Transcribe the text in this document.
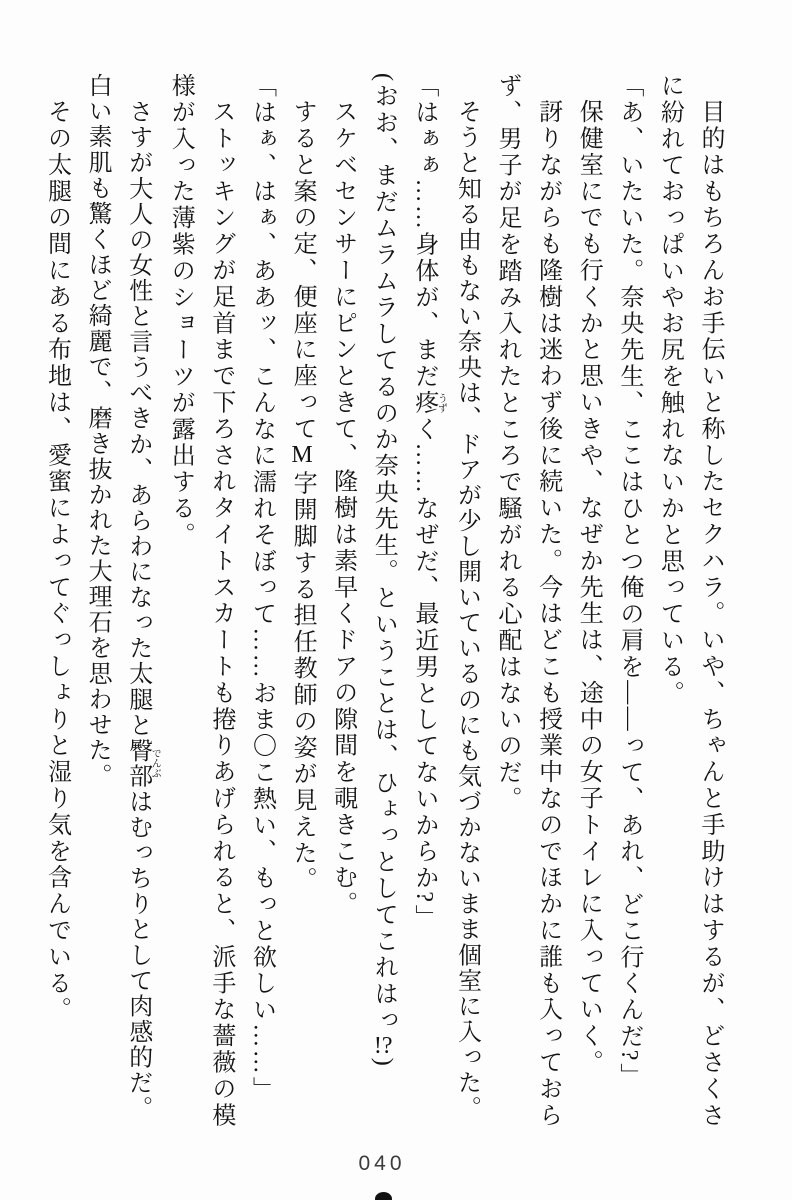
目的はもちろんお手伝いと称したセクハラ。いや、ちゃんと手助けはするが、どさくさに紛れておっぱいやお尻を触れないかと思っている。

「あ、いたいた。奈央先生、ここはひとつ俺の肩を――って、あれ、どこ行くんだ?」

保健室にでも行くかと思いきや、なぜか先生は、途中の女子トイレに入っていく。

訝りながらも隆樹は迷わず後に続いた。今はどこも授業中なのでほかに誰も入っておらず、男子が足を踏み入れたところで騒がれる心配はないのだ。

そうと知る由もない奈央は、ドアが少し開いているのにも気づかないまま個室に入った。

「はぁぁ……身体が、まだ疼うずく……なぜだ、最近男としてないからか?」

(おお、まだムラムラしてるのか奈央先生。ということは、ひょっとしてこれはっ!?)

スケベセンサーにピンときて、隆樹は素早くドアの隙間を覗きこむ。

すると案の定、便座に座ってM字開脚する担任教師の姿が見えた。

「はぁ、はぁ、ああッ、こんなに濡れそぼって……おま〇こ熱い、もっと欲しい……」

ストッキングが足首まで下ろされタイトスカートも捲りあげられると、派手な薔薇の模様が入った薄紫のショーツが露出する。

さすが大人の女性と言うべきか、あらわになった太腿と臀部でんぶはむっちりとして肉感的だ。白い素肌も驚くほど綺麗で、磨き抜かれた大理石を思わせた。

その太腿の間にある布地は、愛蜜によってぐっしょりと湿り気を含んでいる。

040
